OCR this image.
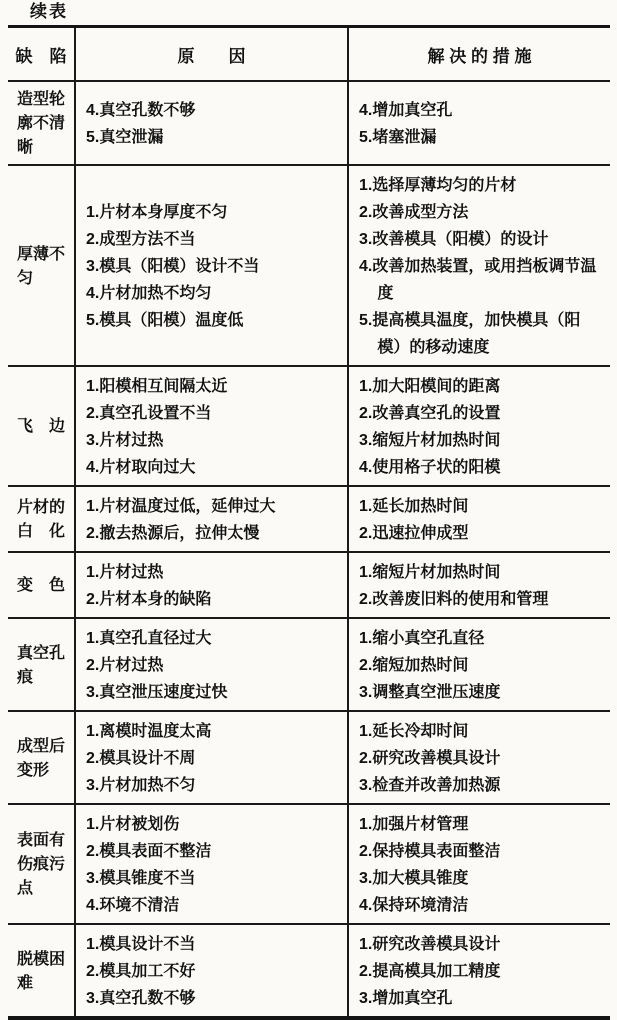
续表
缺　陷	原　　因	解 决 的 措 施
造型轮
廓不清
晰
4.真空孔数不够
5.真空泄漏
4.增加真空孔
5.堵塞泄漏
厚薄不
匀
1.片材本身厚度不匀
2.成型方法不当
3.模具（阳模）设计不当
4.片材加热不均匀
5.模具（阳模）温度低
1.选择厚薄均匀的片材
2.改善成型方法
3.改善模具（阳模）的设计
4.改善加热装置，或用挡板调节温度
5.提高模具温度，加快模具（阳模）的移动速度
飞　边
1.阳模相互间隔太近
2.真空孔设置不当
3.片材过热
4.片材取向过大
1.加大阳模间的距离
2.改善真空孔的设置
3.缩短片材加热时间
4.使用格子状的阳模
片材的
白　化
1.片材温度过低，延伸过大
2.撤去热源后，拉伸太慢
1.延长加热时间
2.迅速拉伸成型
变　色
1.片材过热
2.片材本身的缺陷
1.缩短片材加热时间
2.改善废旧料的使用和管理
真空孔
痕
1.真空孔直径过大
2.片材过热
3.真空泄压速度过快
1.缩小真空孔直径
2.缩短加热时间
3.调整真空泄压速度
成型后
变形
1.离模时温度太高
2.模具设计不周
3.片材加热不匀
1.延长冷却时间
2.研究改善模具设计
3.检查并改善加热源
表面有
伤痕污
点
1.片材被划伤
2.模具表面不整洁
3.模具锥度不当
4.环境不清洁
1.加强片材管理
2.保持模具表面整洁
3.加大模具锥度
4.保持环境清洁
脱模困
难
1.模具设计不当
2.模具加工不好
3.真空孔数不够
1.研究改善模具设计
2.提高模具加工精度
3.增加真空孔
